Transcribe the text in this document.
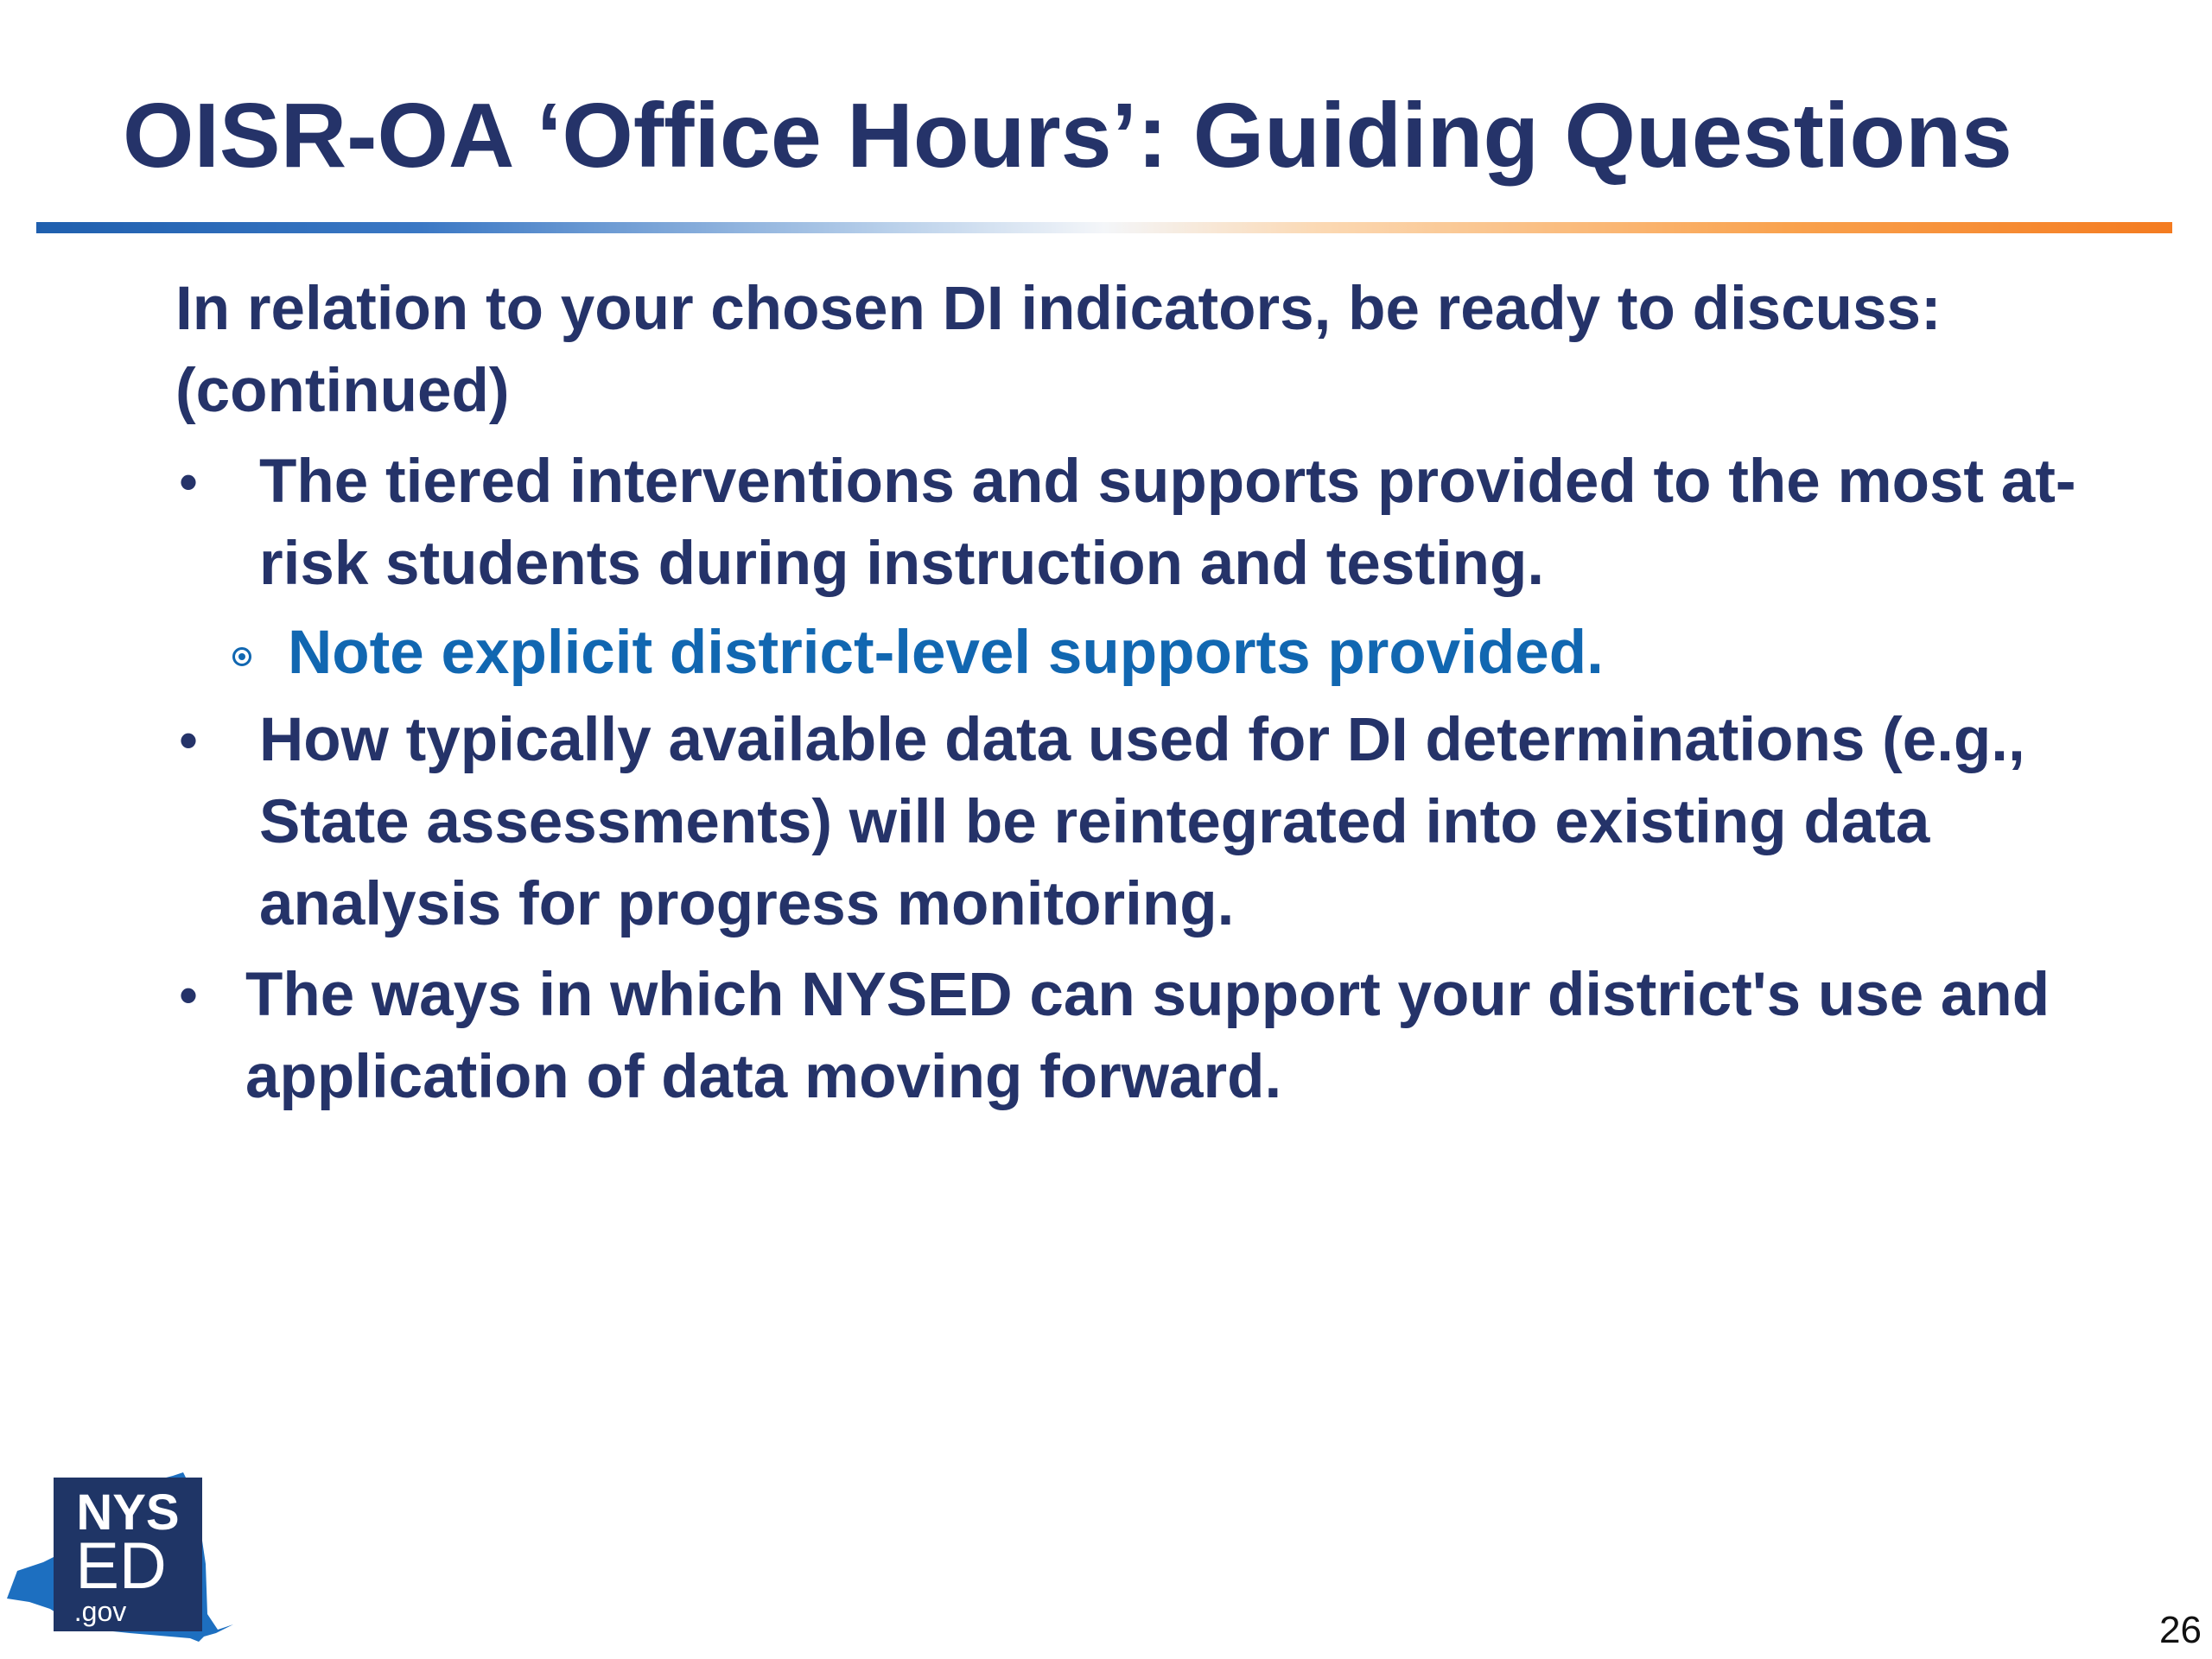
OISR-OA ‘Office Hours’: Guiding Questions

In relation to your chosen DI indicators, be ready to discuss: (continued)

• The tiered interventions and supports provided to the most at-risk students during instruction and testing.
Note explicit district-level supports provided.
• How typically available data used for DI determinations (e.g., State assessments) will be reintegrated into existing data analysis for progress monitoring.
• The ways in which NYSED can support your district's use and application of data moving forward.
NYS
ED
.gov	26
